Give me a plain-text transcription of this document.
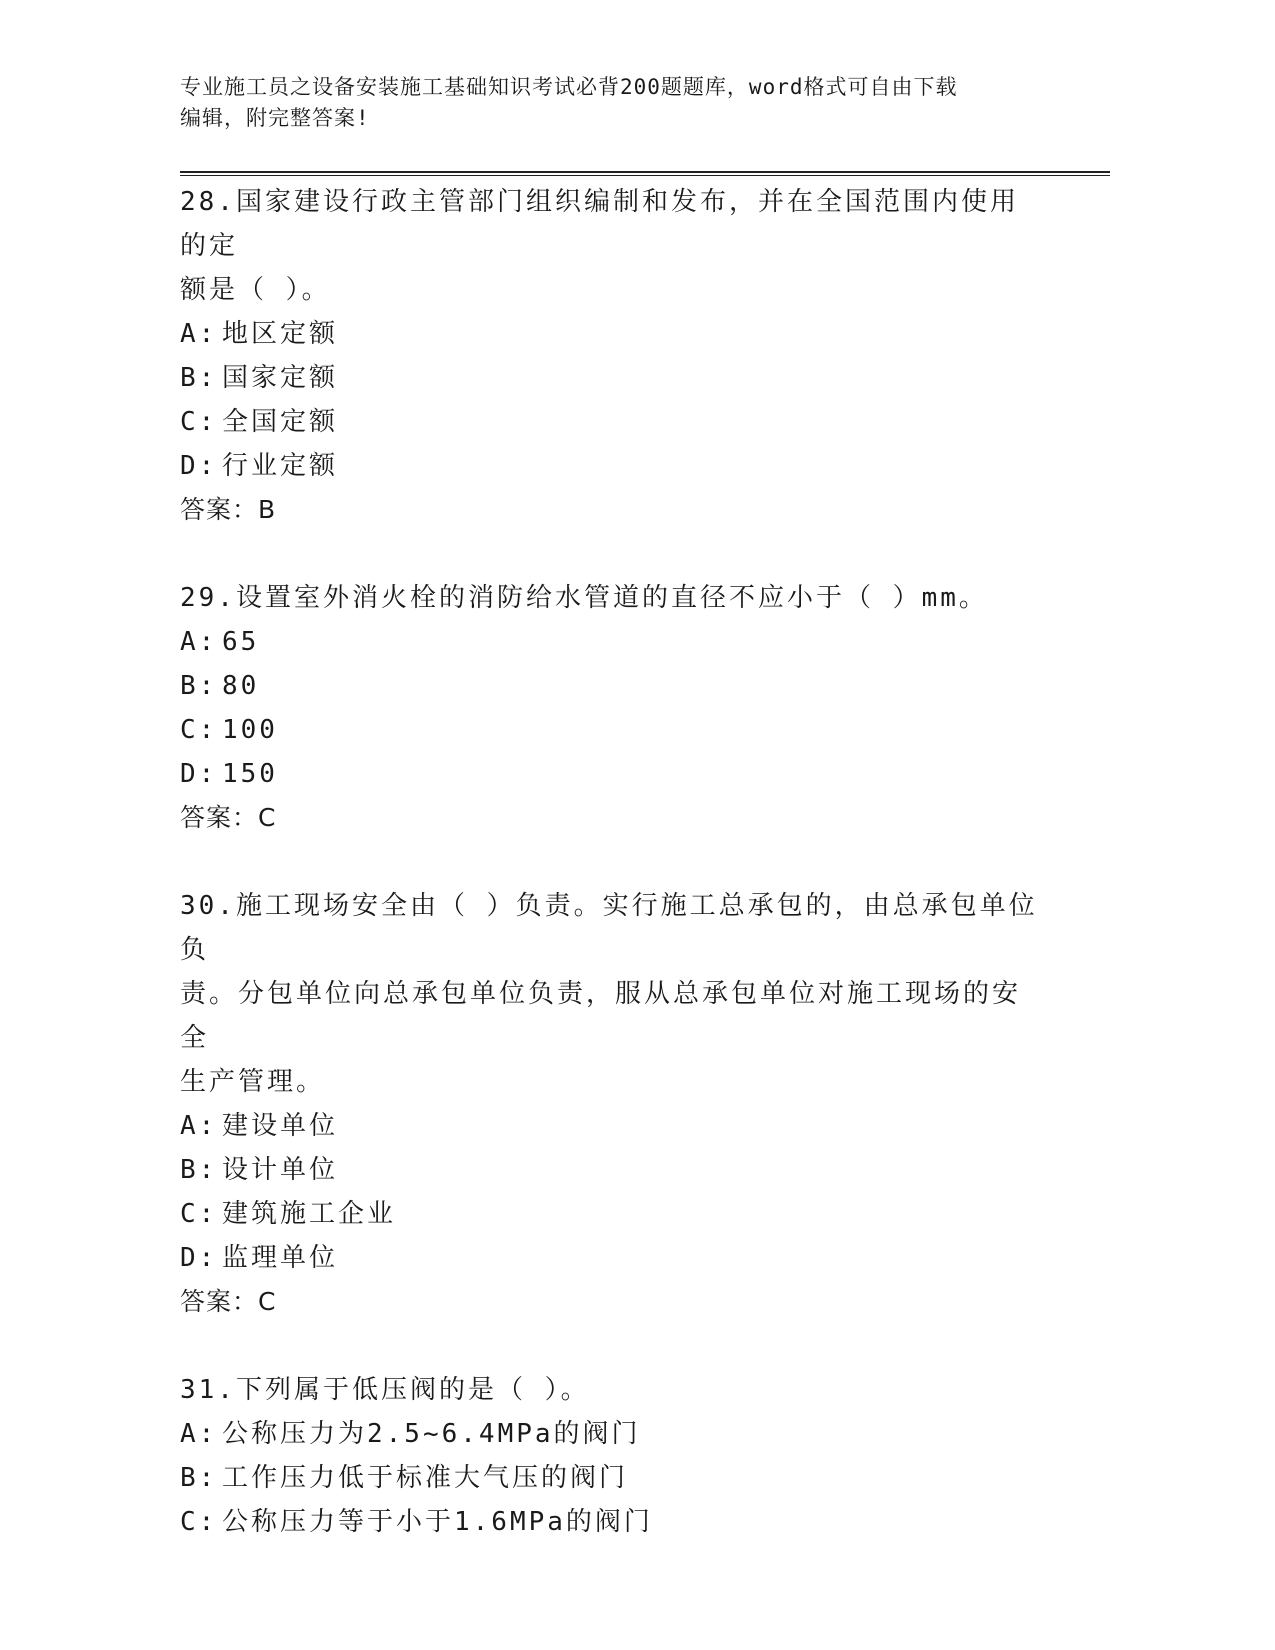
专业施工员之设备安装施工基础知识考试必背200题题库，word格式可自由下载
编辑，附完整答案!
28.国家建设行政主管部门组织编制和发布，并在全国范围内使用的定
额是（ ）。
A: 地区定额
B: 国家定额
C: 全国定额
D: 行业定额
答案：B
29.设置室外消火栓的消防给水管道的直径不应小于（ ）mm。
A: 65
B: 80
C: 100
D: 150
答案：C
30.施工现场安全由（ ）负责。实行施工总承包的，由总承包单位负
责。分包单位向总承包单位负责，服从总承包单位对施工现场的安全
生产管理。
A: 建设单位
B: 设计单位
C: 建筑施工企业
D: 监理单位
答案：C
31.下列属于低压阀的是（ ）。
A: 公称压力为2.5~6.4MPa的阀门
B: 工作压力低于标准大气压的阀门
C: 公称压力等于小于1.6MPa的阀门
